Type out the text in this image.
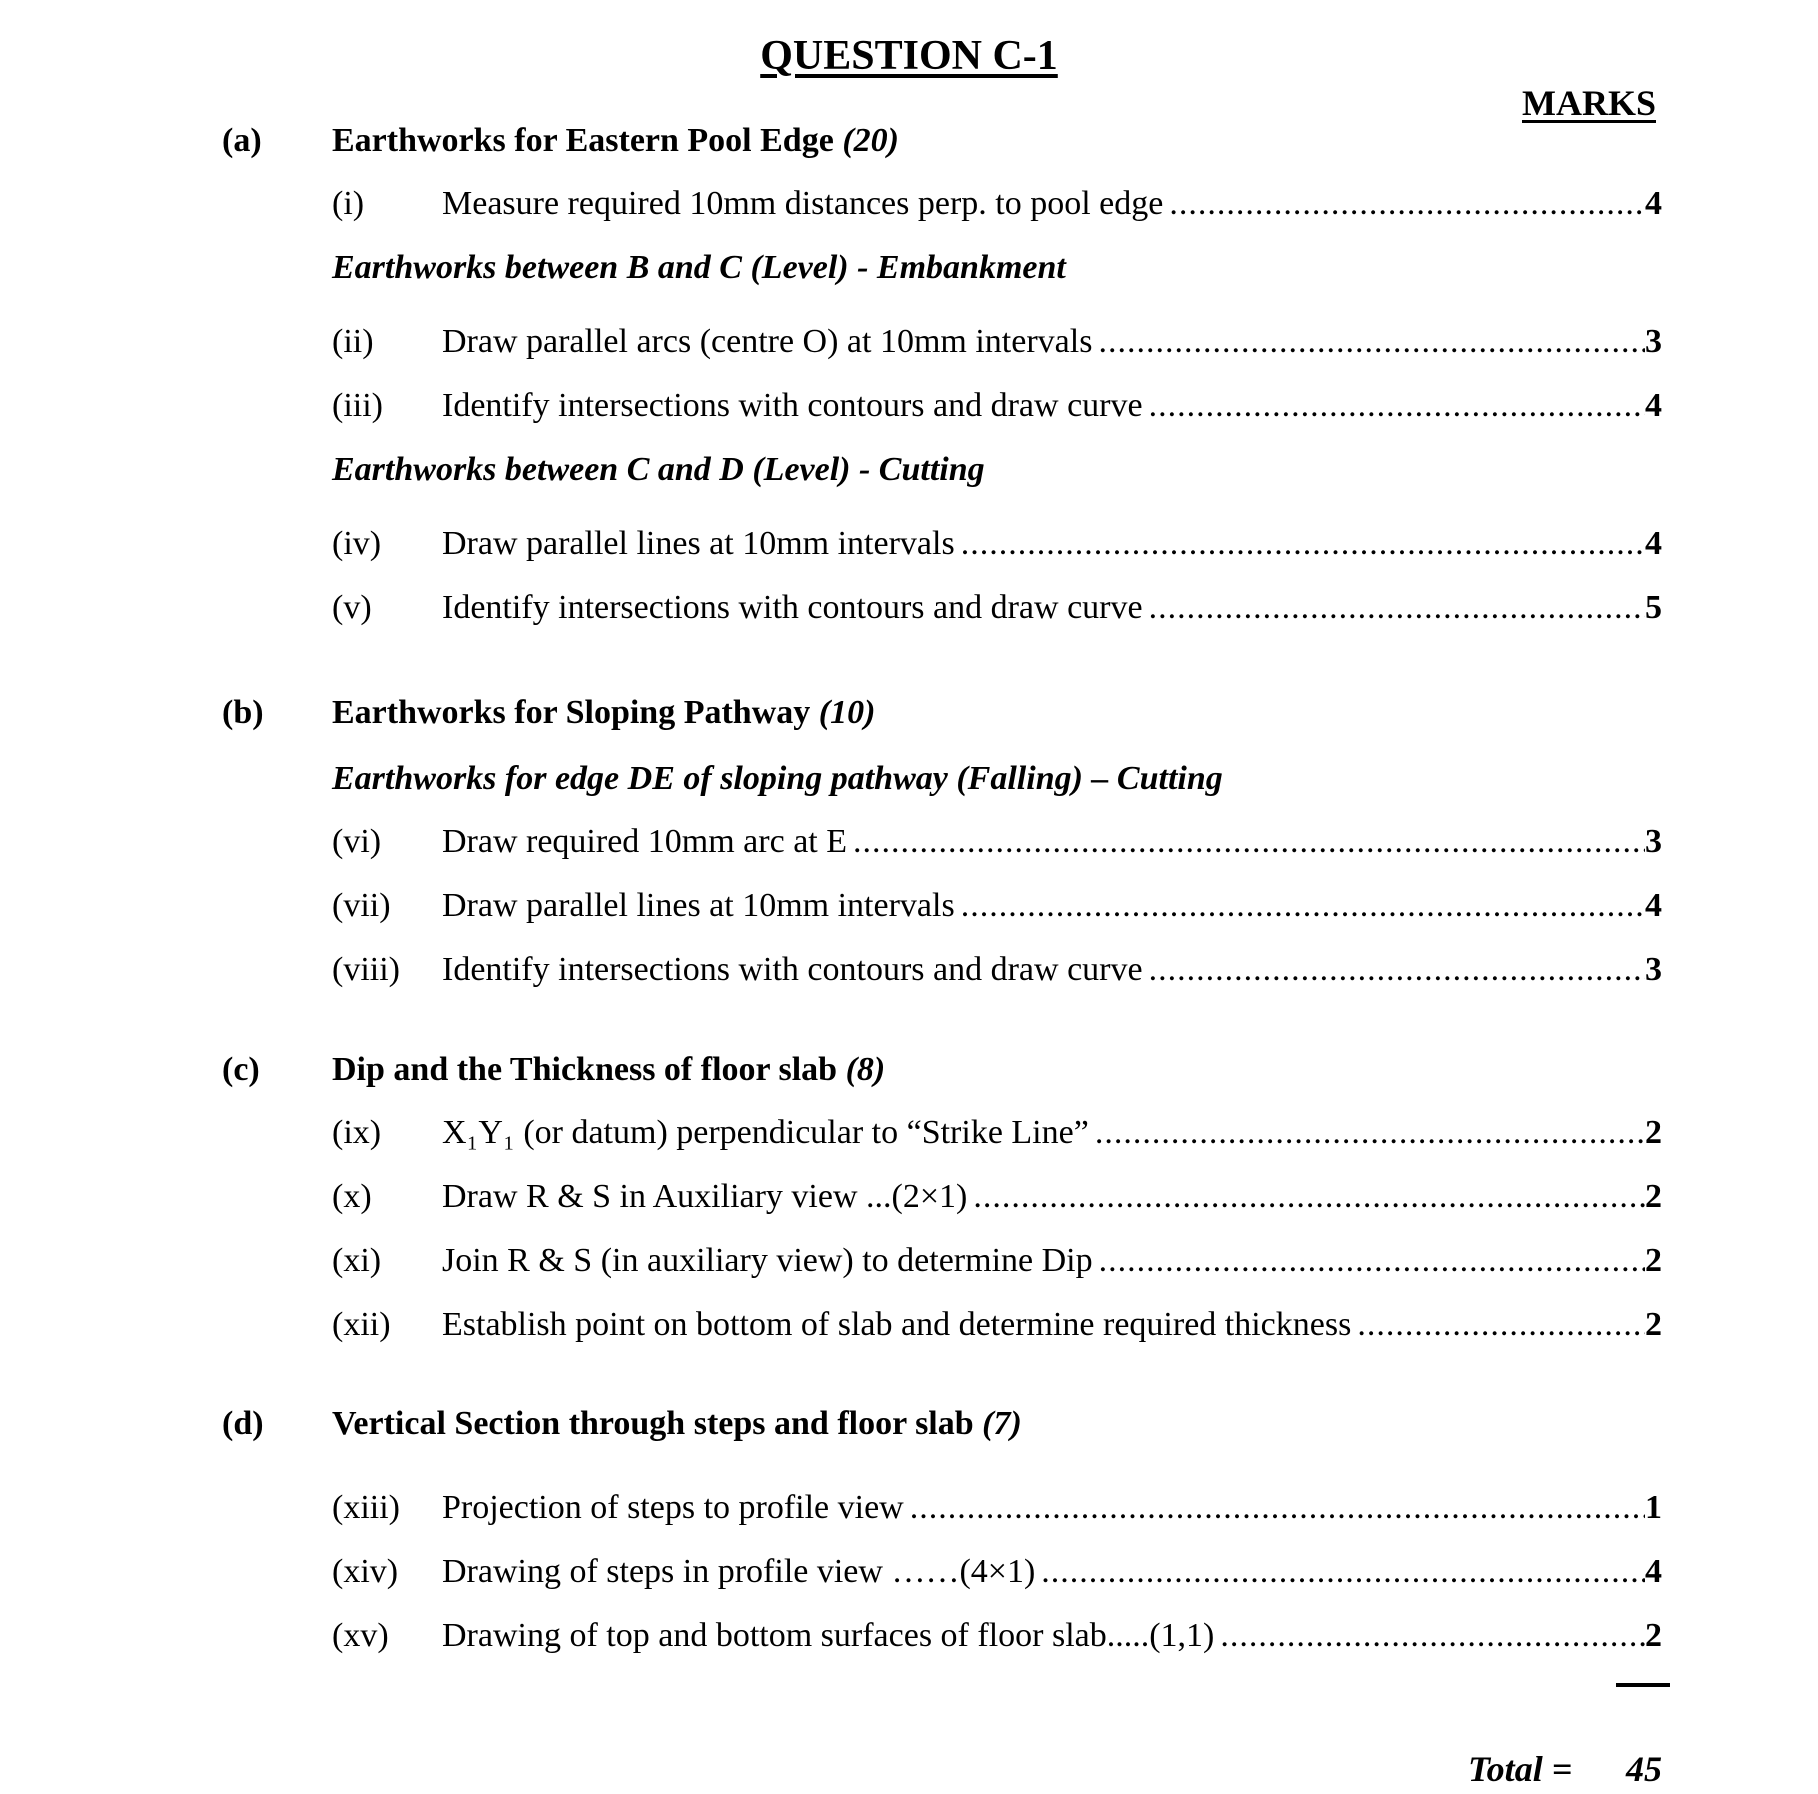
QUESTION C-1
MARKS
(a) Earthworks for Eastern Pool Edge (20)
(i)	Measure required 10mm distances perp. to pool edge .....	4
Earthworks between B and C (Level) - Embankment
(ii)	Draw parallel arcs (centre O) at 10mm intervals .....	3
(iii)	Identify intersections with contours and draw curve .....	4
Earthworks between C and D (Level) - Cutting
(iv)	Draw parallel lines at 10mm intervals .....	4
(v)	Identify intersections with contours and draw curve .....	5
(b) Earthworks for Sloping Pathway (10)
Earthworks for edge DE of sloping pathway (Falling) – Cutting
(vi)	Draw required 10mm arc at E .....	3
(vii)	Draw parallel lines at 10mm intervals .....	4
(viii)	Identify intersections with contours and draw curve .....	3
(c) Dip and the Thickness of floor slab (8)
(ix)	X₁Y₁ (or datum) perpendicular to “Strike Line” .....	2
(x)	Draw R & S in Auxiliary view ...(2×1) .....	2
(xi)	Join R & S (in auxiliary view) to determine Dip .....	2
(xii)	Establish point on bottom of slab and determine required thickness .....	2
(d) Vertical Section through steps and floor slab (7)
(xiii)	Projection of steps to profile view .....	1
(xiv)	Drawing of steps in profile view ……(4×1) .....	4
(xv)	Drawing of top and bottom surfaces of floor slab.....(1,1) .....	2
Total = 45
